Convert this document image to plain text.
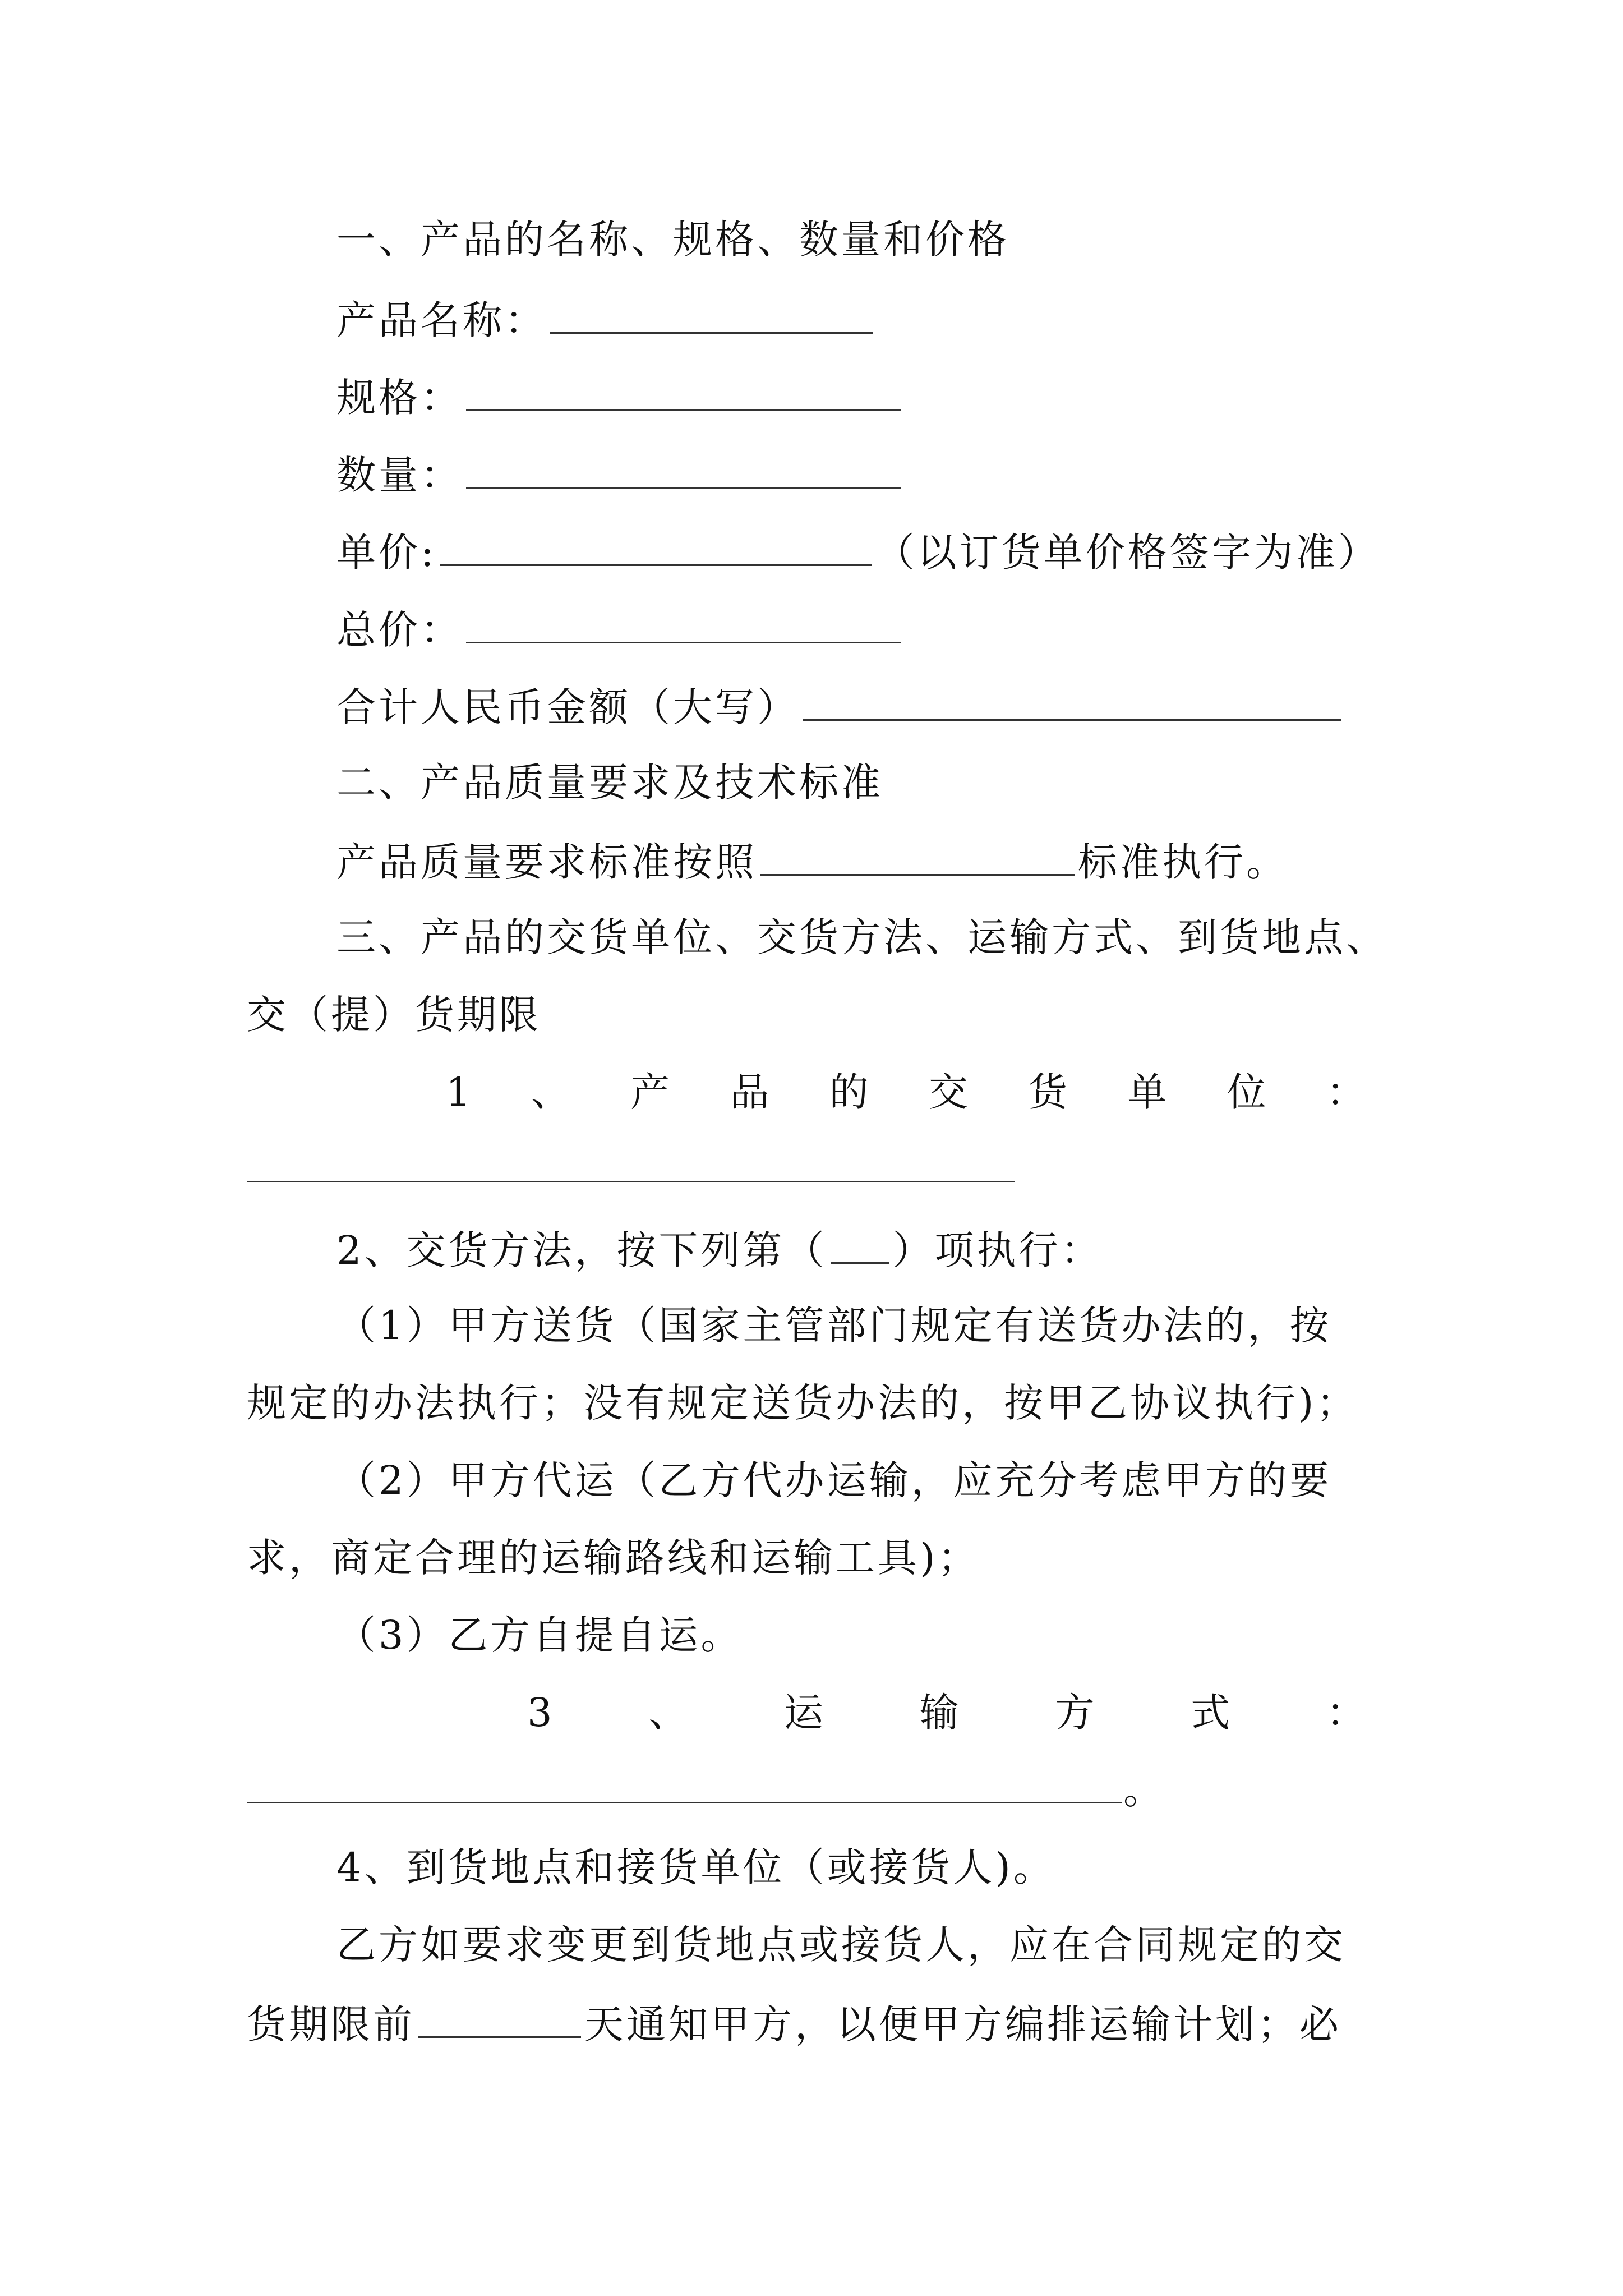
一、产品的名称、规格、数量和价格
产品名称：
规格：
数量：
单价:	（以订货单价格签字为准）
总价：
合计人民币金额（大写）
二、产品质量要求及技术标准
产品质量要求标准按照	标准执行。
三、产品的交货单位、交货方法、运输方式、到货地点、
交（提）货期限
1 、 产 品 的 交 货 单 位 ：
2、交货方法，按下列第（ ）项执行：
（1）甲方送货（国家主管部门规定有送货办法的，按
规定的办法执行；没有规定送货办法的，按甲乙协议执行)；
（2）甲方代运（乙方代办运输，应充分考虑甲方的要
求，商定合理的运输路线和运输工具)；
（3）乙方自提自运。
3 、 运 输 方 式 ：
。
4、到货地点和接货单位（或接货人)。
乙方如要求变更到货地点或接货人，应在合同规定的交
货期限前	天通知甲方，以便甲方编排运输计划；必
